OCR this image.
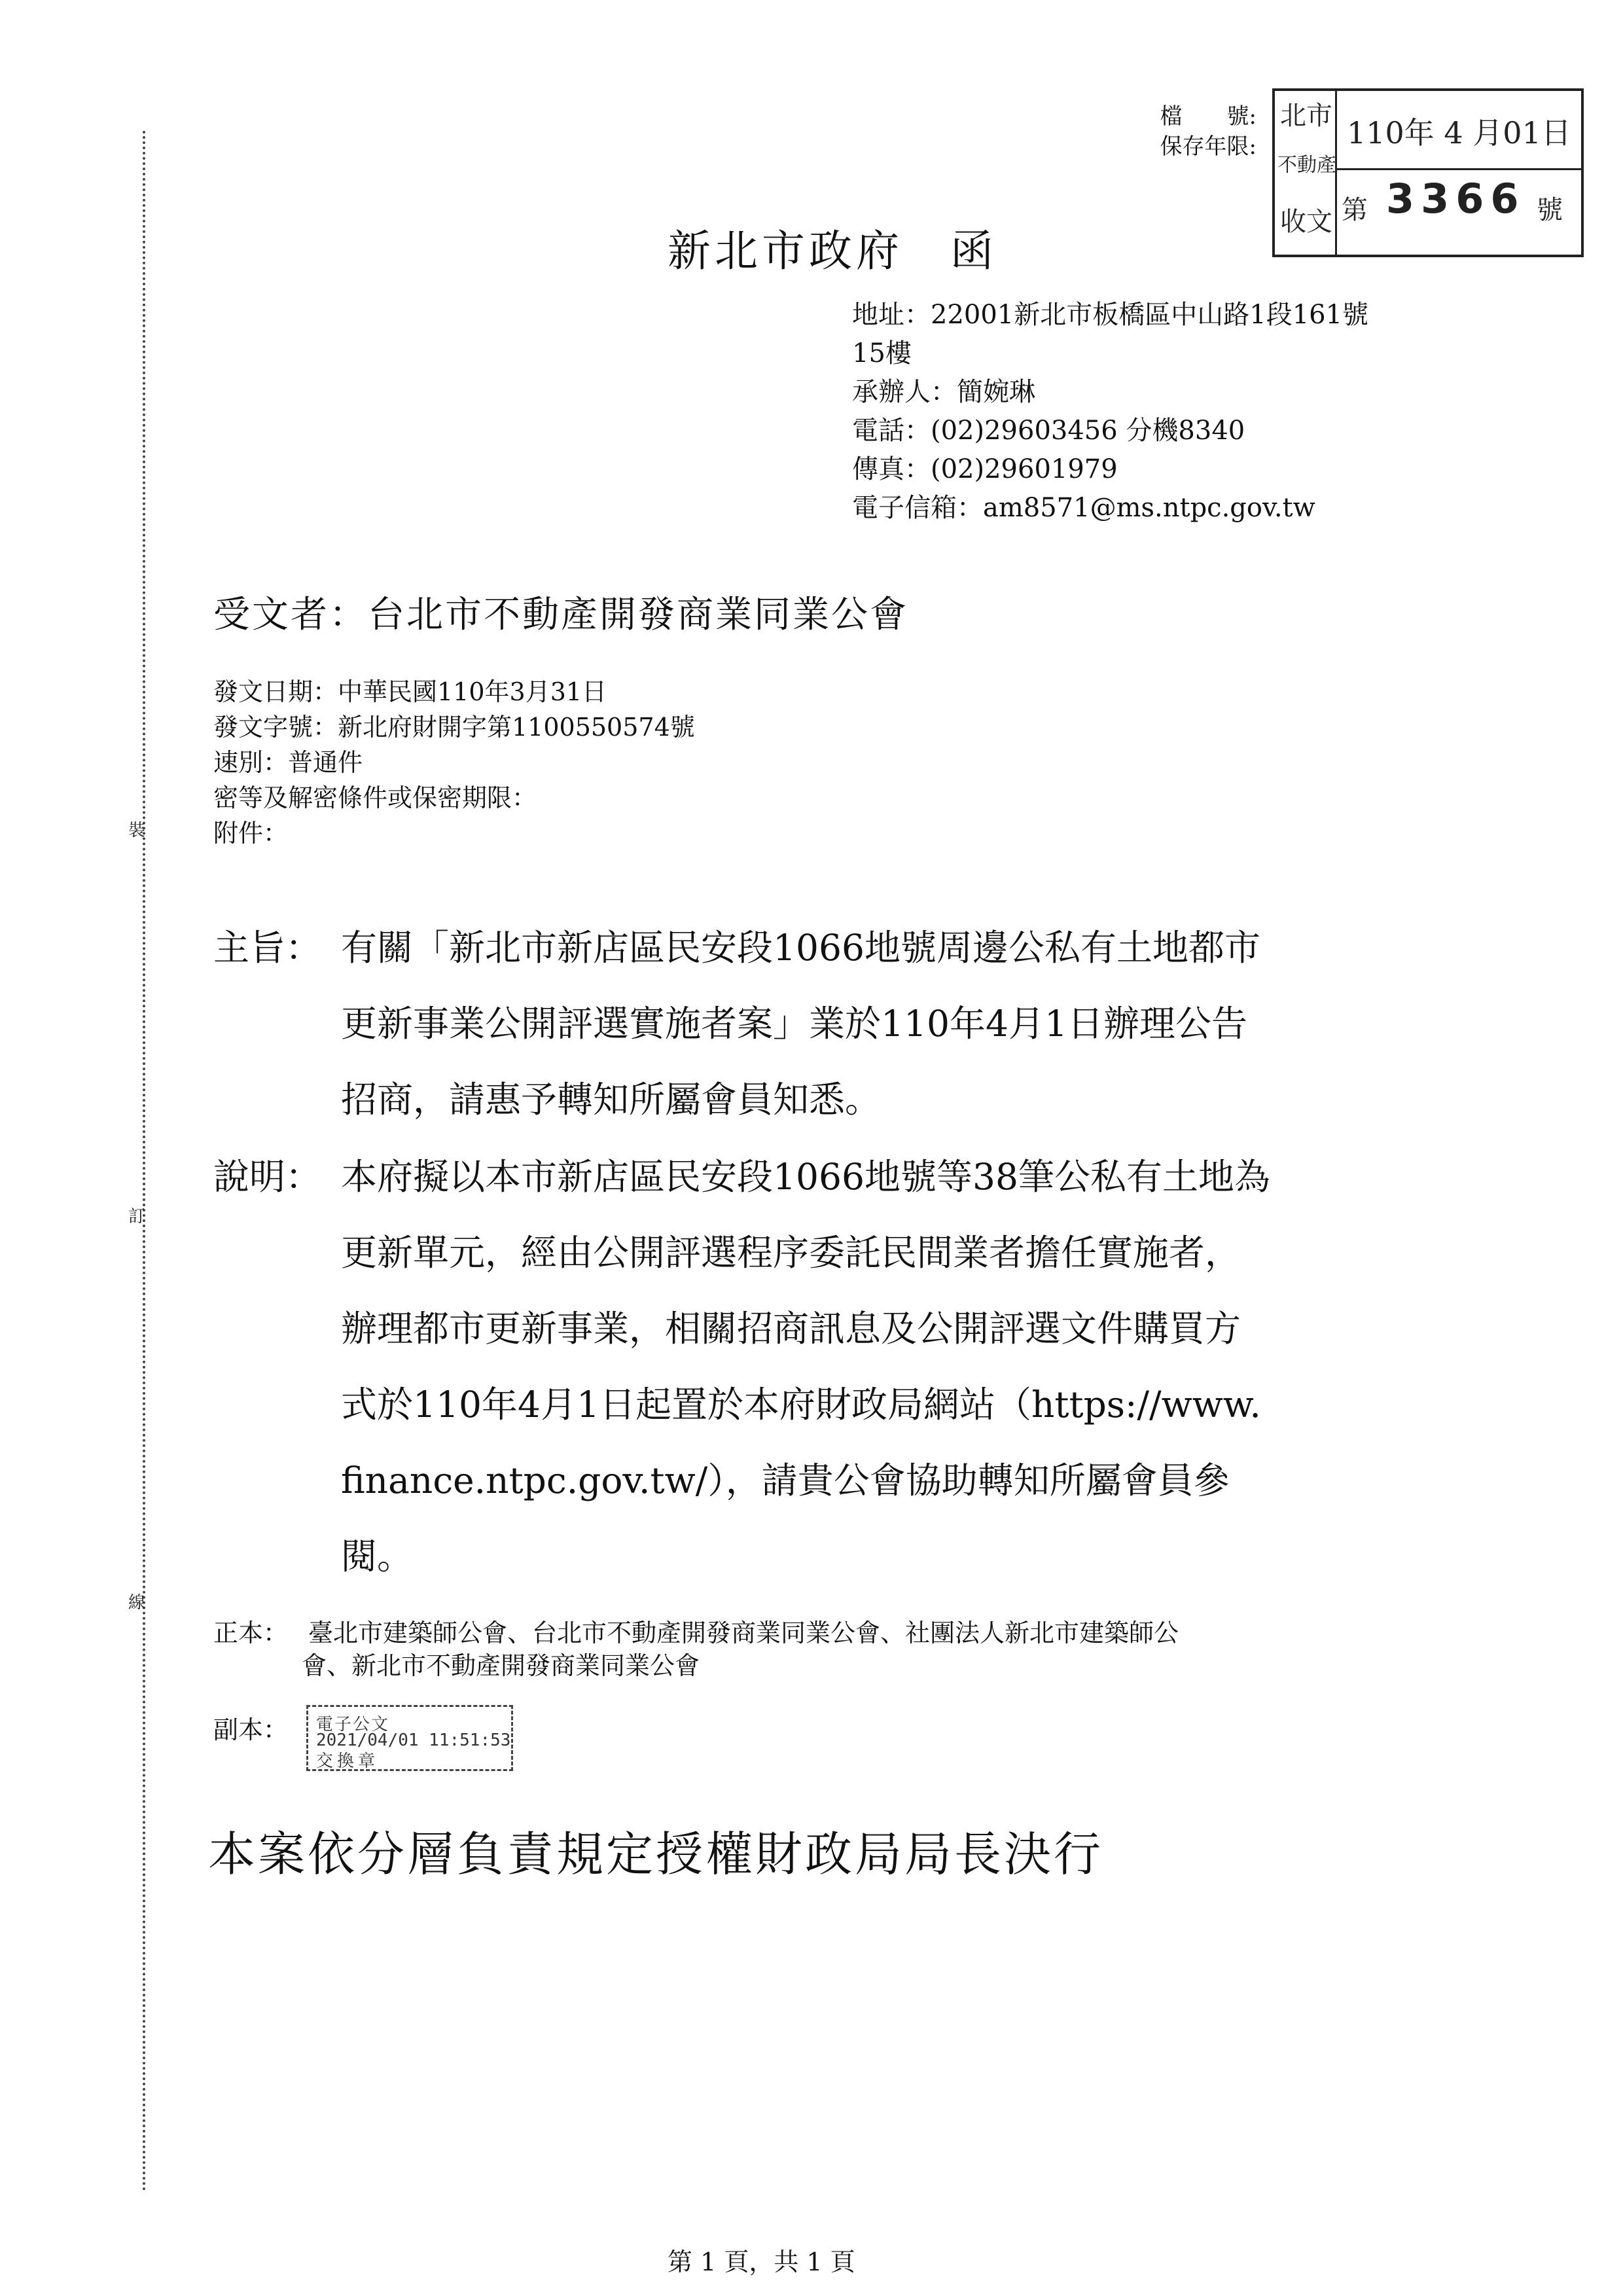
裝
訂
線
檔　　號:
保存年限:
北市
不動產
收文
110年 4 月01日
第 3366 號
新北市政府　函
地址：22001新北市板橋區中山路1段161號
15樓
承辦人：簡婉琳
電話：(02)29603456 分機8340
傳真：(02)29601979
電子信箱：am8571@ms.ntpc.gov.tw
受文者：台北市不動產開發商業同業公會
發文日期：中華民國110年3月31日
發文字號：新北府財開字第1100550574號
速別：普通件
密等及解密條件或保密期限：
附件：
主旨： 有關「新北市新店區民安段1066地號周邊公私有土地都市
更新事業公開評選實施者案」業於110年4月1日辦理公告
招商，請惠予轉知所屬會員知悉。
說明： 本府擬以本市新店區民安段1066地號等38筆公私有土地為
更新單元，經由公開評選程序委託民間業者擔任實施者，
辦理都市更新事業，相關招商訊息及公開評選文件購買方
式於110年4月1日起置於本府財政局網站（https://www.
finance.ntpc.gov.tw/），請貴公會協助轉知所屬會員參
閱。
正本： 臺北市建築師公會、台北市不動產開發商業同業公會、社團法人新北市建築師公
會、新北市不動產開發商業同業公會
副本： 電子公文
2021/04/01 11:51:53
交換章
本案依分層負責規定授權財政局局長決行
第 1 頁，共 1 頁
